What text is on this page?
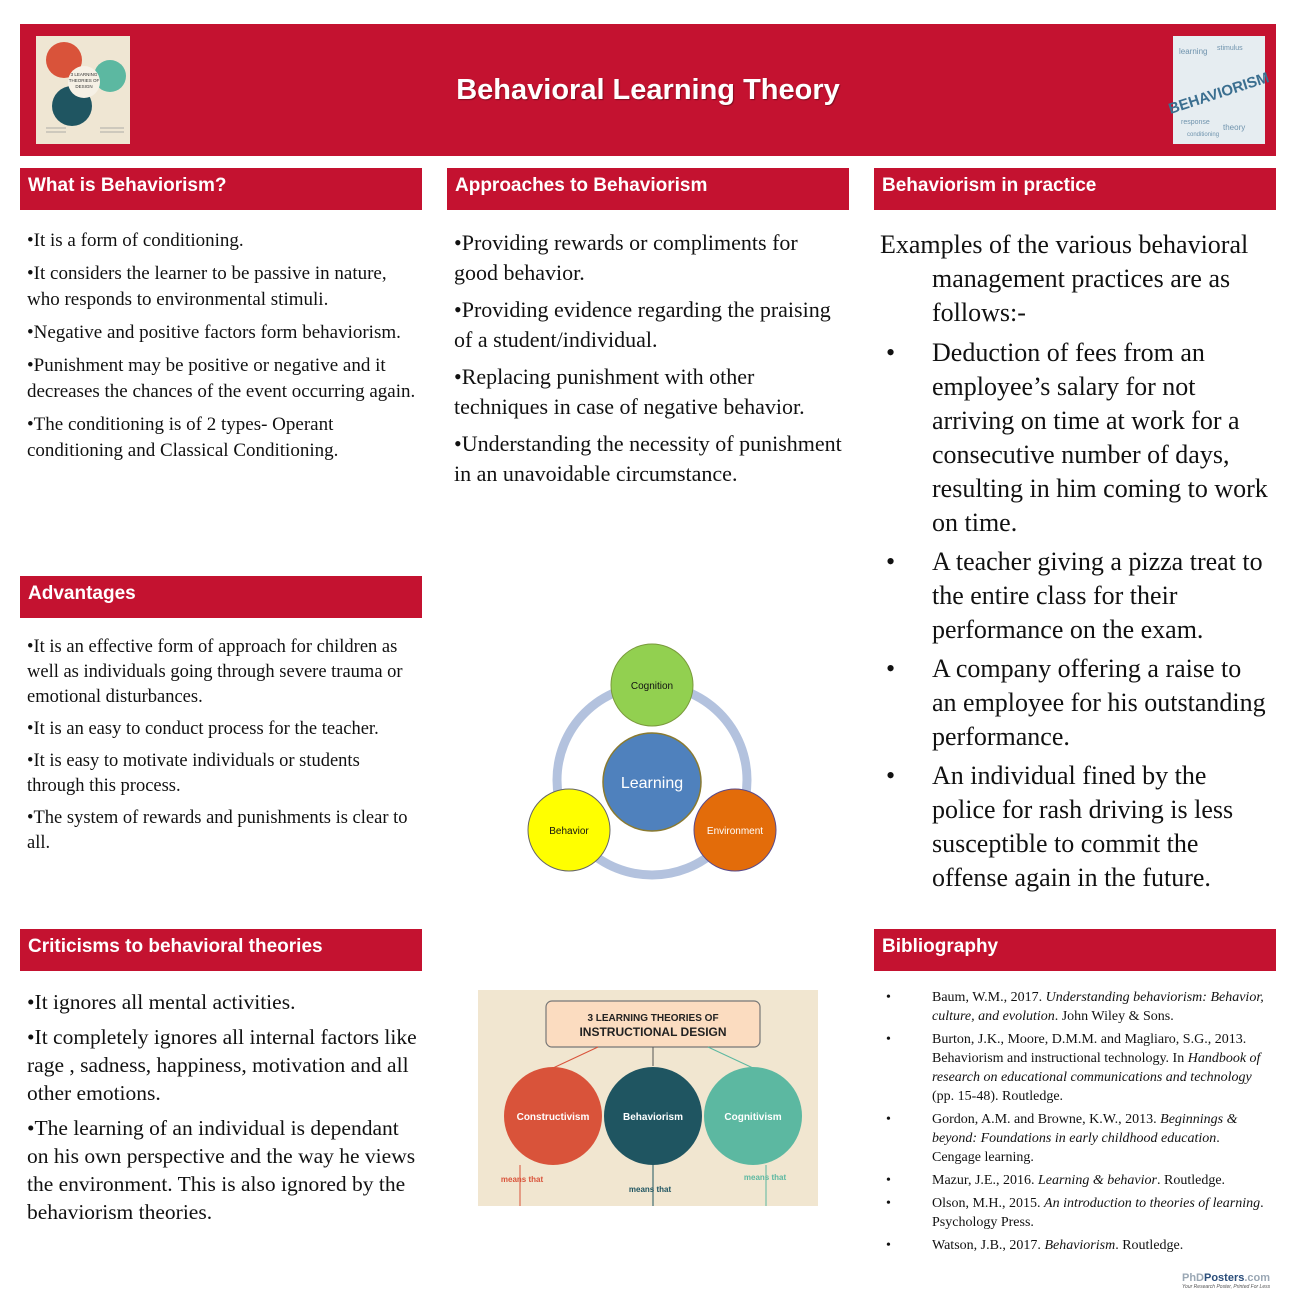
3 LEARNING
THEORIES OF
DESIGN	Behavioral Learning Theory
learning stimulus
response
theory
conditioning
BEHAVIORISM
What is Behaviorism?
• It is a form of conditioning.
• It considers the learner to be passive in nature, who responds to environmental stimuli.
• Negative and positive factors form behaviorism.
• Punishment may be positive or negative and it decreases the chances of the event occurring again.
• The conditioning is of 2 types- Operant conditioning and Classical Conditioning.
Approaches to Behaviorism
• Providing rewards or compliments for good behavior.
• Providing evidence regarding the praising of a student/individual.
• Replacing punishment with other techniques in case of negative behavior.
• Understanding the necessity of punishment in an unavoidable circumstance.
Behaviorism in practice
Examples of the various behavioral management practices are as follows:-
• Deduction of fees from an employee’s salary for not arriving on time at work for a consecutive number of days, resulting in him coming to work on time.
• A teacher giving a pizza treat to the entire class for their performance on the exam.
• A company offering a raise to an employee for his outstanding performance.
• An individual fined by the police for rash driving is less susceptible to commit the offense again in the future.
Advantages
• It is an effective form of approach for children as well as individuals going through severe trauma or emotional disturbances.
• It is an easy to conduct process for the teacher.
• It is easy to motivate individuals or students through this process.
• The system of rewards and punishments is clear to all.
Learning
Cognition
Behavior	Environment
Criticisms to behavioral theories
• It ignores all mental activities.
• It completely ignores all internal factors like rage , sadness, happiness, motivation and all other emotions.
• The learning of an individual is dependant on his own perspective and the way he views the environment. This is also ignored by the behaviorism theories.
3 LEARNING THEORIES OF
INSTRUCTIONAL DESIGN
Constructivism	Behaviorism	Cognitivism
means that
means that
means that
Bibliography
• Baum, W.M., 2017. Understanding behaviorism: Behavior, culture, and evolution. John Wiley & Sons.
• Burton, J.K., Moore, D.M.M. and Magliaro, S.G., 2013. Behaviorism and instructional technology. In Handbook of research on educational communications and technology (pp. 15-48). Routledge.
• Gordon, A.M. and Browne, K.W., 2013. Beginnings & beyond: Foundations in early childhood education. Cengage learning.
• Mazur, J.E., 2016. Learning & behavior. Routledge.
• Olson, M.H., 2015. An introduction to theories of learning. Psychology Press.
• Watson, J.B., 2017. Behaviorism. Routledge.
PhDPosters.com
Your Research Poster, Printed For Less
